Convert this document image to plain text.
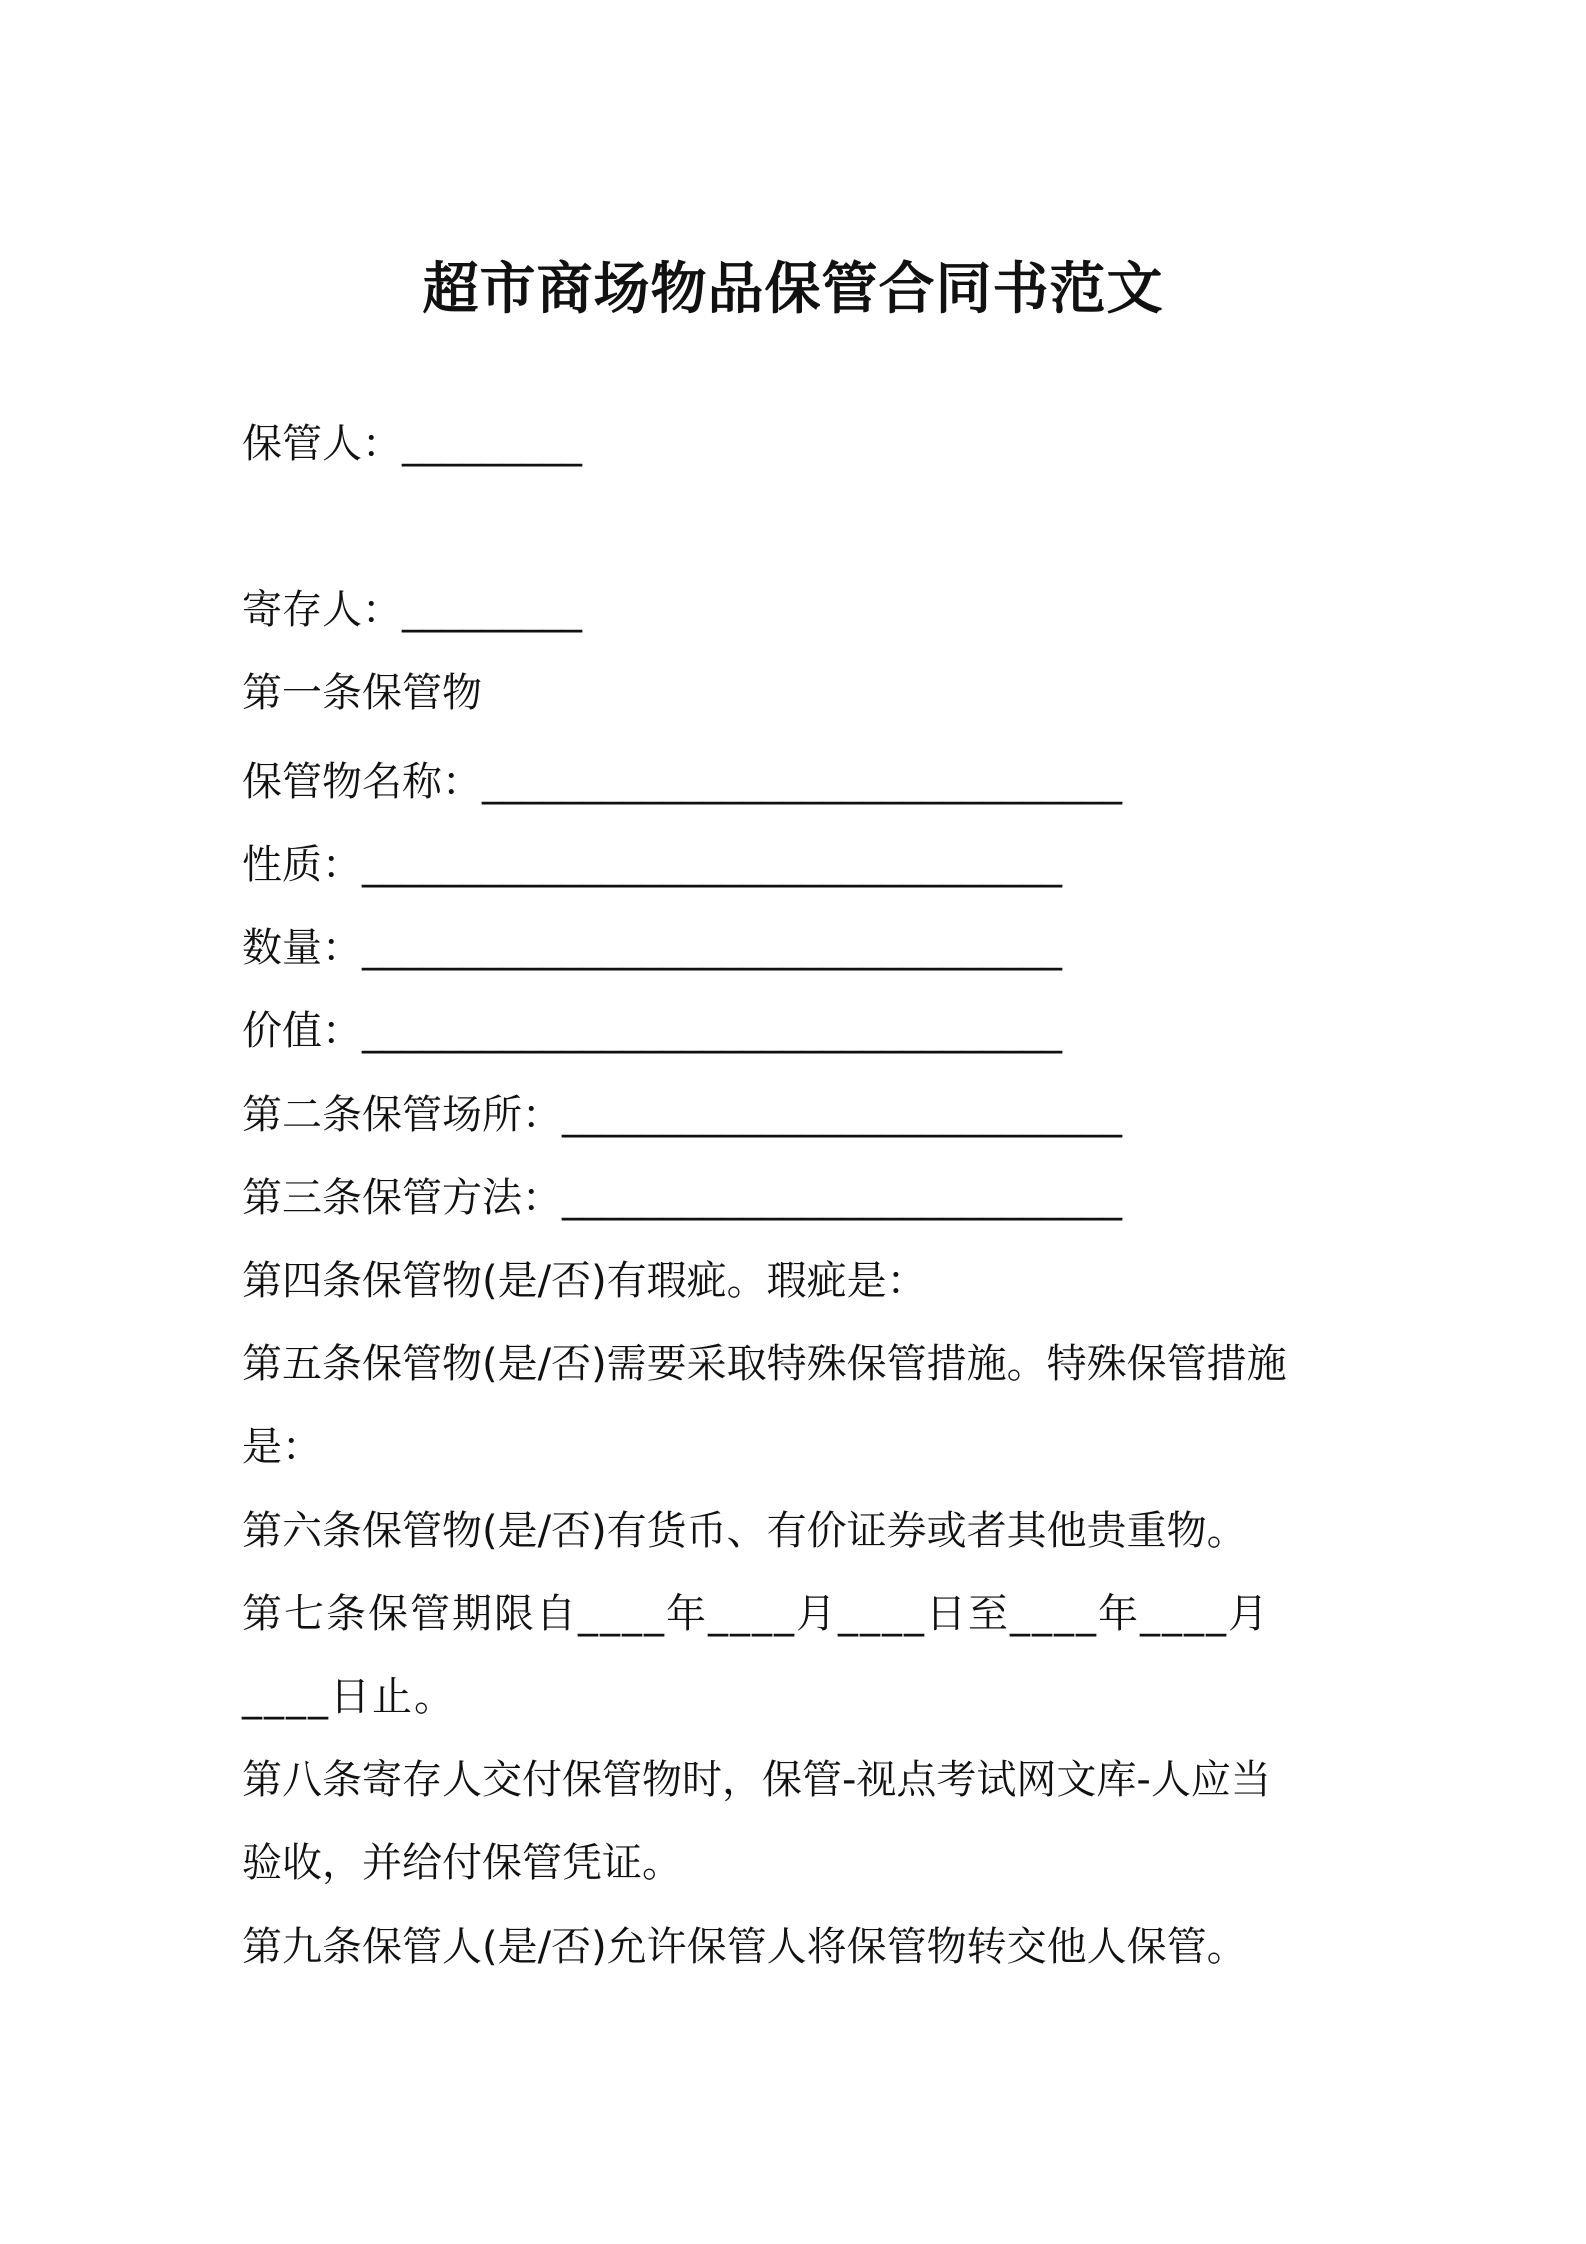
超市商场物品保管合同书范文
保管人：_________
寄存人：_________
第一条保管物
保管物名称：________________________________
性质：___________________________________
数量：___________________________________
价值：___________________________________
第二条保管场所：____________________________
第三条保管方法：____________________________
第四条保管物(是/否)有瑕疵。瑕疵是：
第五条保管物(是/否)需要采取特殊保管措施。特殊保管措施
是：
第六条保管物(是/否)有货币、有价证券或者其他贵重物。
第七条保管期限自____年____月____日至____年____月
____日止。
第八条寄存人交付保管物时，保管-视点考试网文库-人应当
验收，并给付保管凭证。
第九条保管人(是/否)允许保管人将保管物转交他人保管。
